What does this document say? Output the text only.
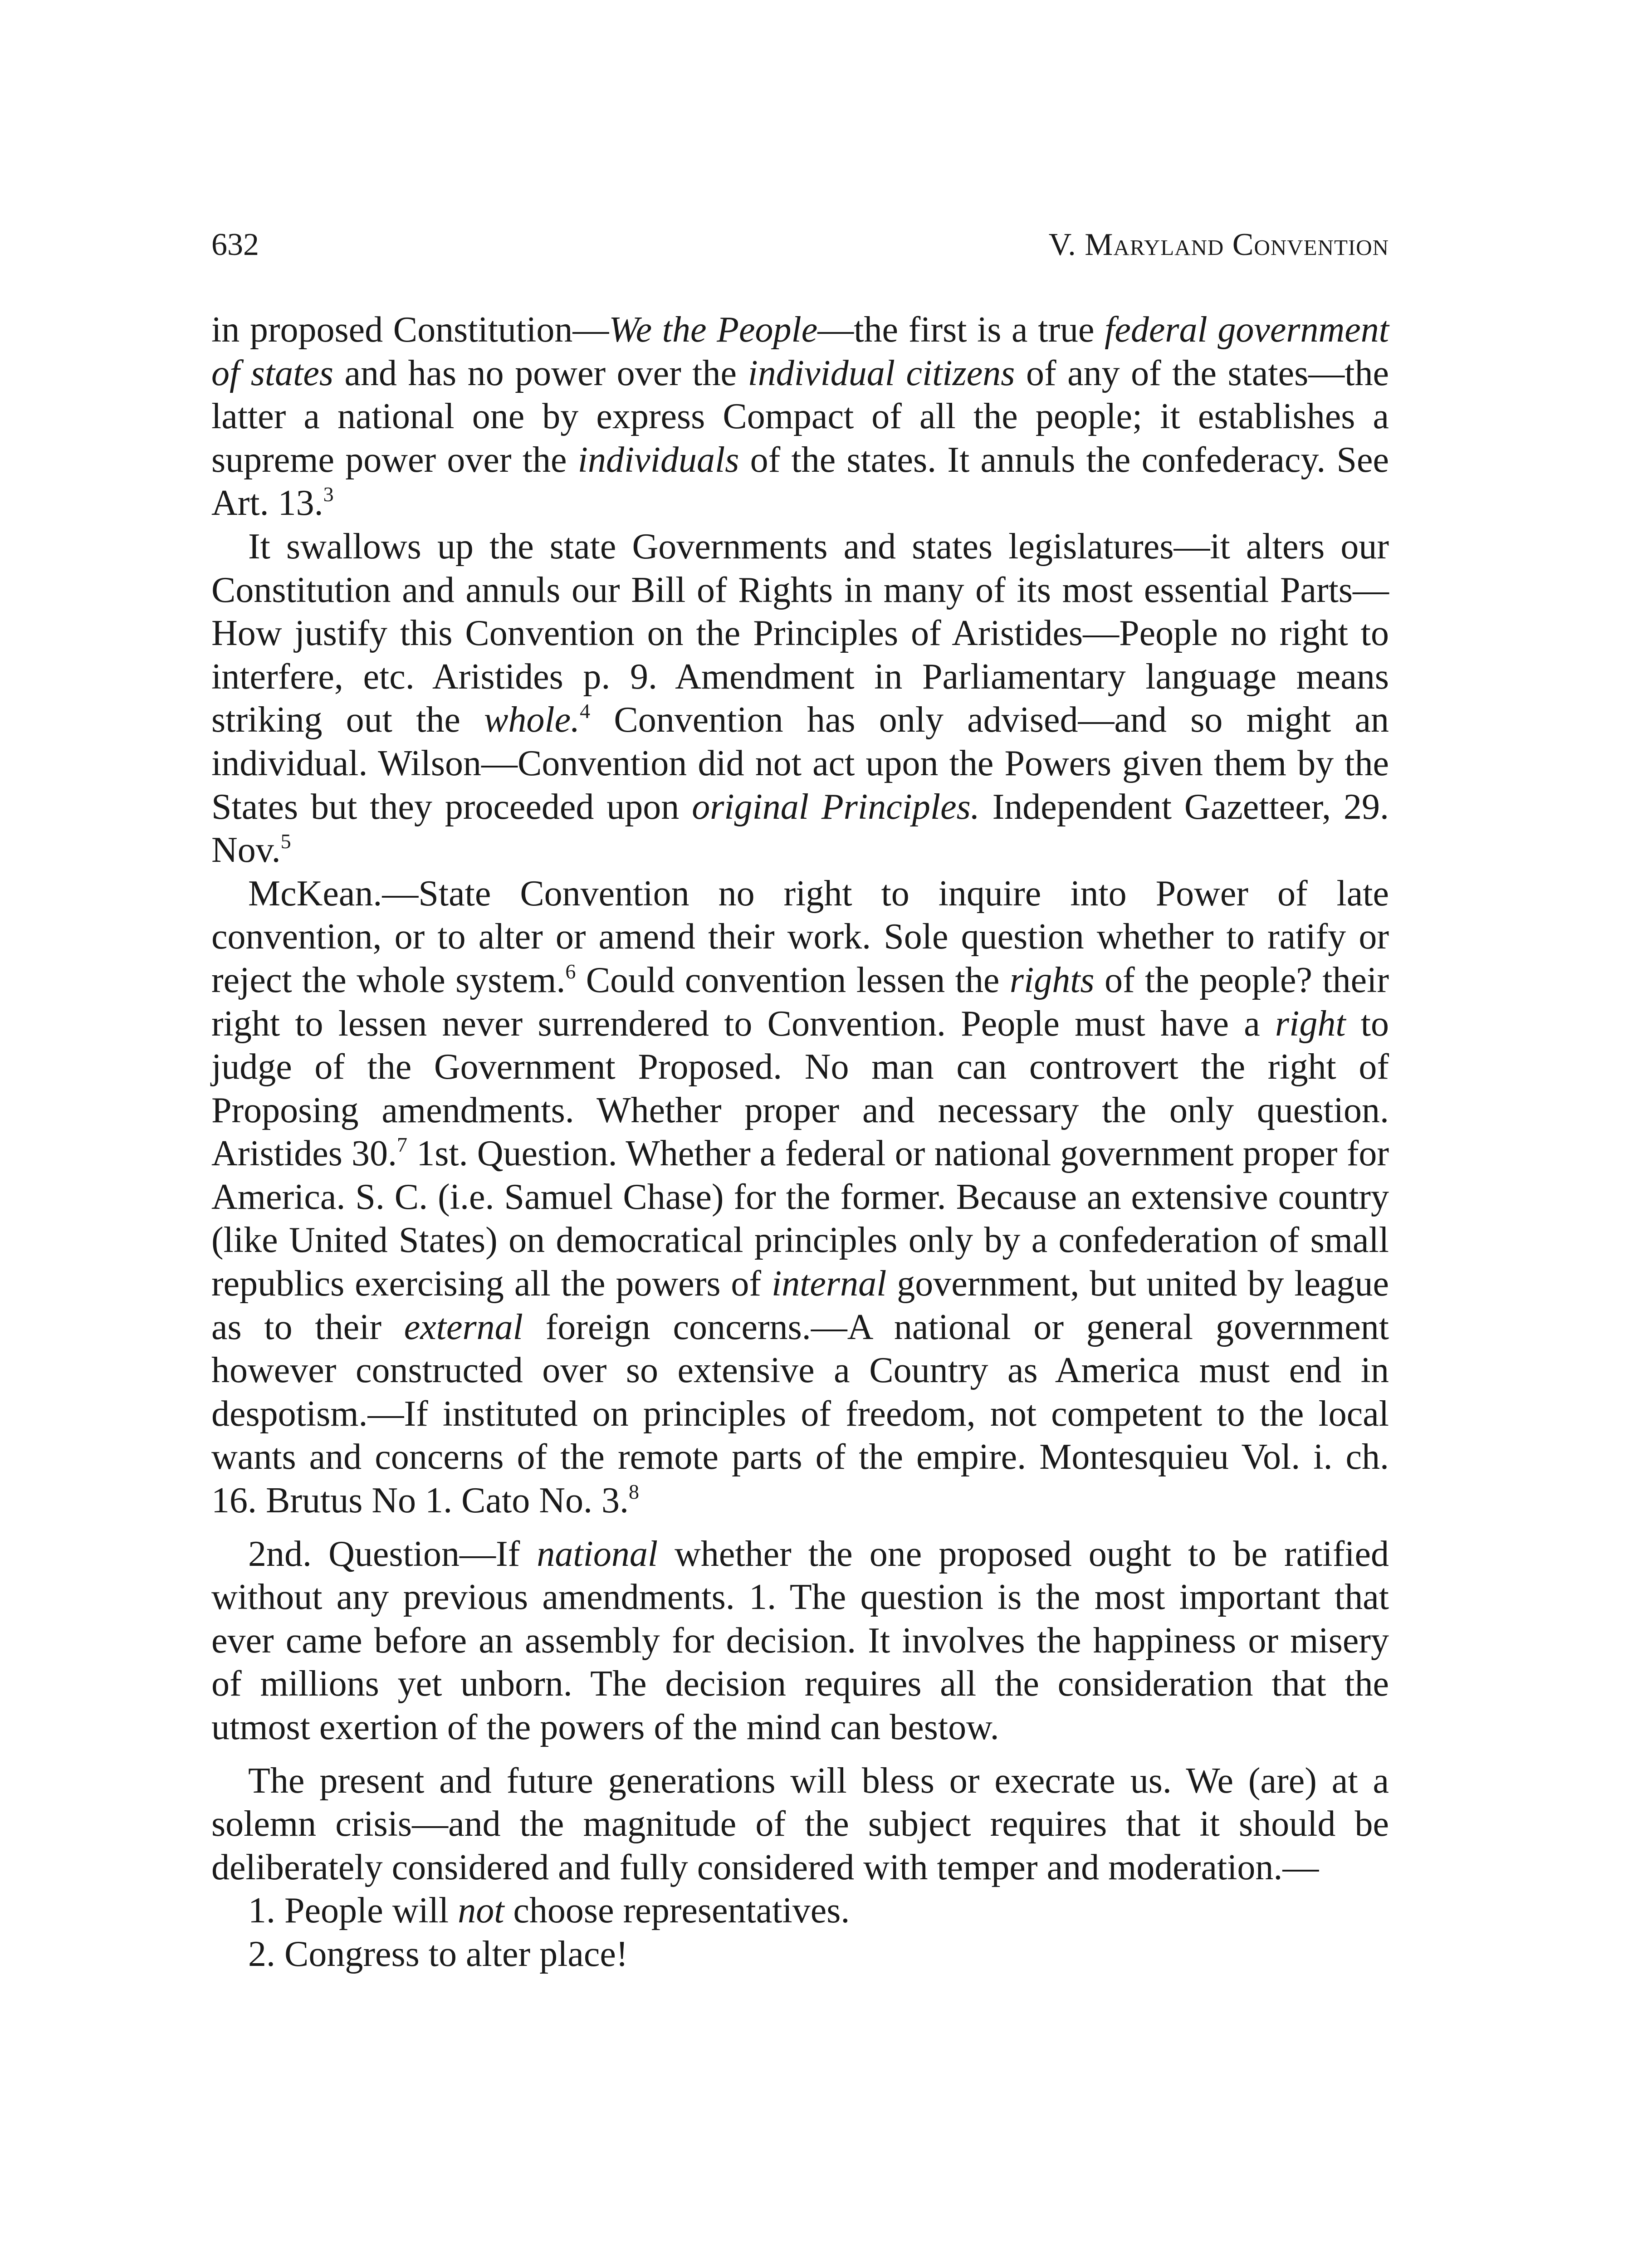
632	V. Maryland Convention

in proposed Constitution—We the People—the first is a true federal government of states and has no power over the individual citizens of any of the states—the latter a national one by express Compact of all the people; it establishes a supreme power over the individuals of the states. It annuls the confederacy. See Art. 13.$^3$

It swallows up the state Governments and states legislatures—it alters our Constitution and annuls our Bill of Rights in many of its most essential Parts—How justify this Convention on the Principles of Aristides—People no right to interfere, etc. Aristides p. 9. Amendment in Parliamentary language means striking out the whole.$^4$ Convention has only advised—and so might an individual. Wilson—Convention did not act upon the Powers given them by the States but they proceeded upon original Principles. Independent Gazetteer, 29. Nov.$^5$

McKean.—State Convention no right to inquire into Power of late convention, or to alter or amend their work. Sole question whether to ratify or reject the whole system.$^6$ Could convention lessen the rights of the people? their right to lessen never surrendered to Convention. People must have a right to judge of the Government Proposed. No man can controvert the right of Proposing amendments. Whether proper and necessary the only question. Aristides 30.$^7$ 1st. Question. Whether a federal or national government proper for America. S. C. (i.e. Samuel Chase) for the former. Because an extensive country (like United States) on democratical principles only by a confederation of small republics exercising all the powers of internal government, but united by league as to their external foreign concerns.—A national or general government however constructed over so extensive a Country as America must end in despotism.—If instituted on principles of freedom, not competent to the local wants and concerns of the remote parts of the empire. Montesquieu Vol. i. ch. 16. Brutus No 1. Cato No. 3.$^8$

2nd. Question—If national whether the one proposed ought to be ratified without any previous amendments. 1. The question is the most important that ever came before an assembly for decision. It involves the happiness or misery of millions yet unborn. The decision requires all the consideration that the utmost exertion of the powers of the mind can bestow.

The present and future generations will bless or execrate us. We (are) at a solemn crisis—and the magnitude of the subject requires that it should be deliberately considered and fully considered with temper and moderation.—

1. People will not choose representatives.
2. Congress to alter place!
